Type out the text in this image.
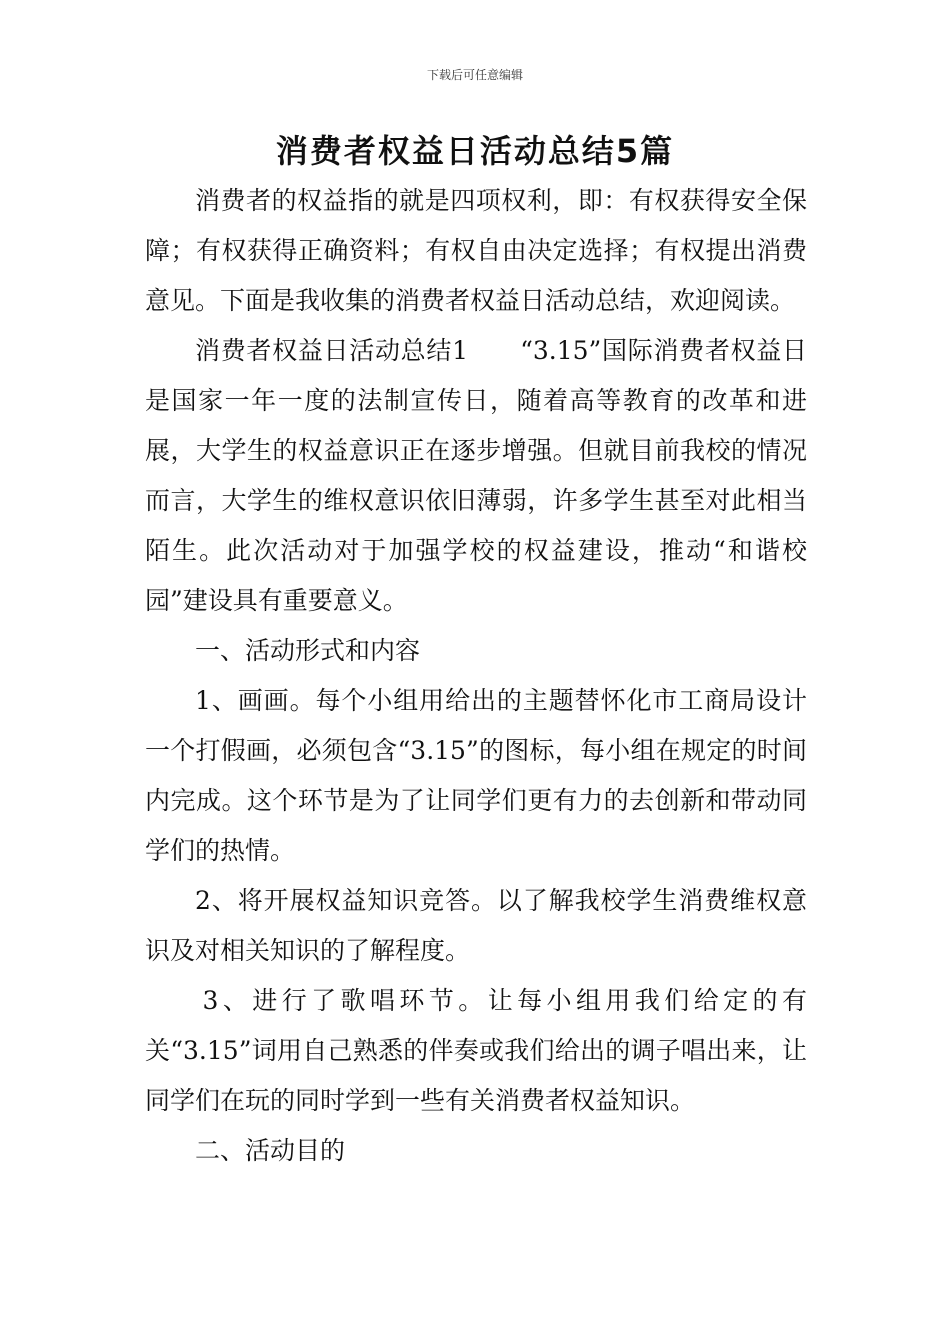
下载后可任意编辑
消费者权益日活动总结5篇

消费者的权益指的就是四项权利，即：有权获得安全保障；有权获得正确资料；有权自由决定选择；有权提出消费意见。下面是我收集的消费者权益日活动总结，欢迎阅读。

消费者权益日活动总结1　　“3.15”国际消费者权益日是国家一年一度的法制宣传日，随着高等教育的改革和进展，大学生的权益意识正在逐步增强。但就目前我校的情况而言，大学生的维权意识依旧薄弱，许多学生甚至对此相当陌生。此次活动对于加强学校的权益建设，推动“和谐校园”建设具有重要意义。

一、活动形式和内容

1、画画。每个小组用给出的主题替怀化市工商局设计一个打假画，必须包含“3.15”的图标，每小组在规定的时间内完成。这个环节是为了让同学们更有力的去创新和带动同学们的热情。

2、将开展权益知识竞答。以了解我校学生消费维权意识及对相关知识的了解程度。

3、进行了歌唱环节。让每小组用我们给定的有关“3.15”词用自己熟悉的伴奏或我们给出的调子唱出来，让同学们在玩的同时学到一些有关消费者权益知识。

二、活动目的
